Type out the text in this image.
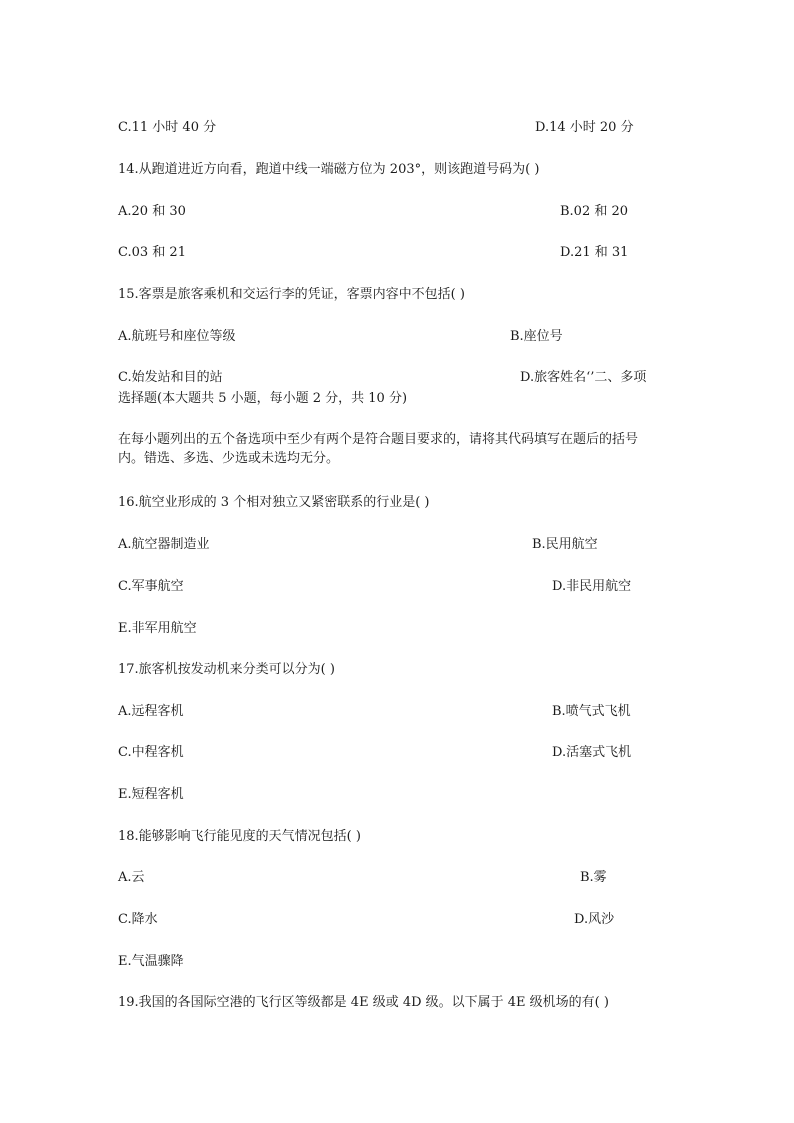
C.11 小时 40 分	D.14 小时 20 分
14.从跑道进近方向看，跑道中线一端磁方位为 203°，则该跑道号码为( )
A.20 和 30	B.02 和 20
C.03 和 21	D.21 和 31
15.客票是旅客乘机和交运行李的凭证，客票内容中不包括( )
A.航班号和座位等级	B.座位号
C.始发站和目的站	D.旅客姓名‘’二、多项
选择题(本大题共 5 小题，每小题 2 分，共 10 分)
在每小题列出的五个备选项中至少有两个是符合题目要求的，请将其代码填写在题后的括号内。错选、多选、少选或未选均无分。
16.航空业形成的 3 个相对独立又紧密联系的行业是( )
A.航空器制造业	B.民用航空
C.军事航空	D.非民用航空
E.非军用航空
17.旅客机按发动机来分类可以分为( )
A.远程客机	B.喷气式飞机
C.中程客机	D.活塞式飞机
E.短程客机
18.能够影响飞行能见度的天气情况包括( )
A.云	B.雾
C.降水	D.风沙
E.气温骤降
19.我国的各国际空港的飞行区等级都是 4E 级或 4D 级。以下属于 4E 级机场的有( )
